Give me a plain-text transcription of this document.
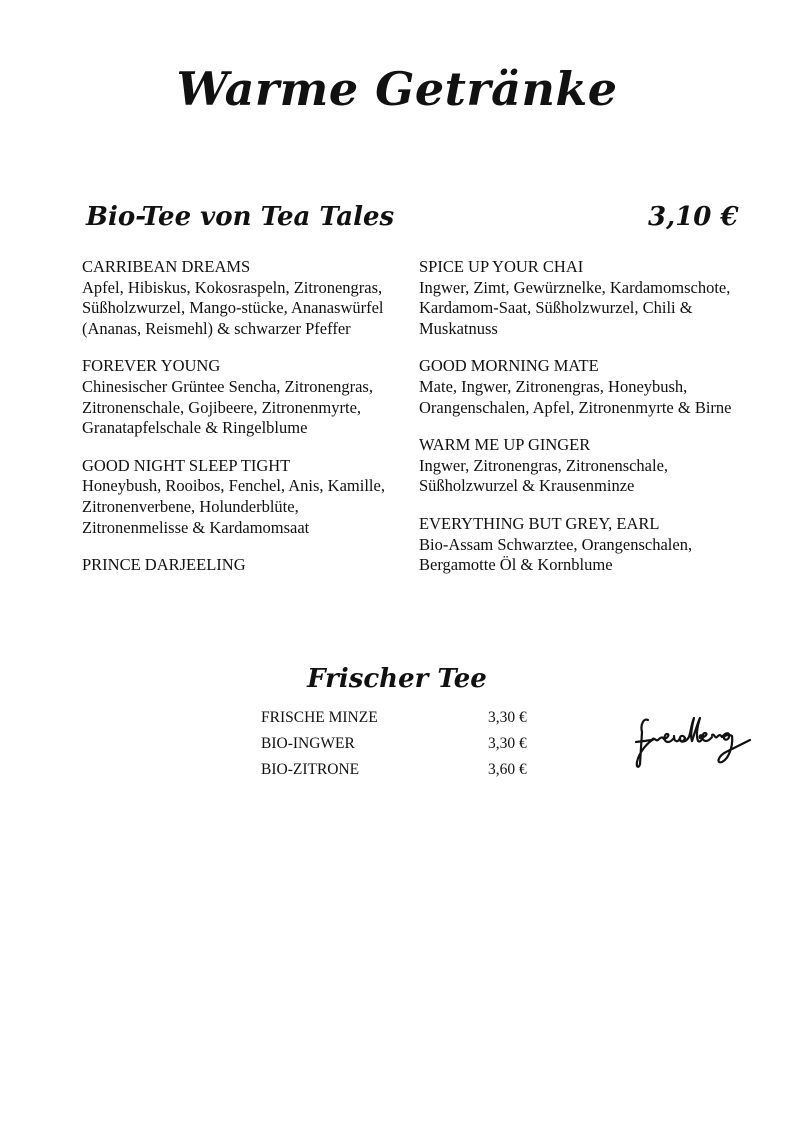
Warme Getränke
Bio-Tee von Tea Tales	3,10 €
CARRIBEAN DREAMS
Apfel, Hibiskus, Kokosraspeln, Zitronengras, Süßholzwurzel, Mango-stücke, Ananaswürfel (Ananas, Reismehl) & schwarzer Pfeffer
FOREVER YOUNG
Chinesischer Grüntee Sencha, Zitronengras, Zitronenschale, Gojibeere, Zitronenmyrte, Granatapfelschale & Ringelblume
GOOD NIGHT SLEEP TIGHT
Honeybush, Rooibos, Fenchel, Anis, Kamille, Zitronenverbene, Holunderblüte, Zitronenmelisse & Kardamomsaat
PRINCE DARJEELING
SPICE UP YOUR CHAI
Ingwer, Zimt, Gewürznelke, Kardamomschote, Kardamom-Saat, Süßholzwurzel, Chili & Muskatnuss
GOOD MORNING MATE
Mate, Ingwer, Zitronengras, Honeybush, Orangenschalen, Apfel, Zitronenmyrte & Birne
WARM ME UP GINGER
Ingwer, Zitronengras, Zitronenschale, Süßholzwurzel & Krausenminze
EVERYTHING BUT GREY, EARL
Bio-Assam Schwarztee, Orangenschalen, Bergamotte Öl & Kornblume
Frischer Tee
FRISCHE MINZE	3,30 €
BIO-INGWER	3,30 €
BIO-ZITRONE	3,60 €
